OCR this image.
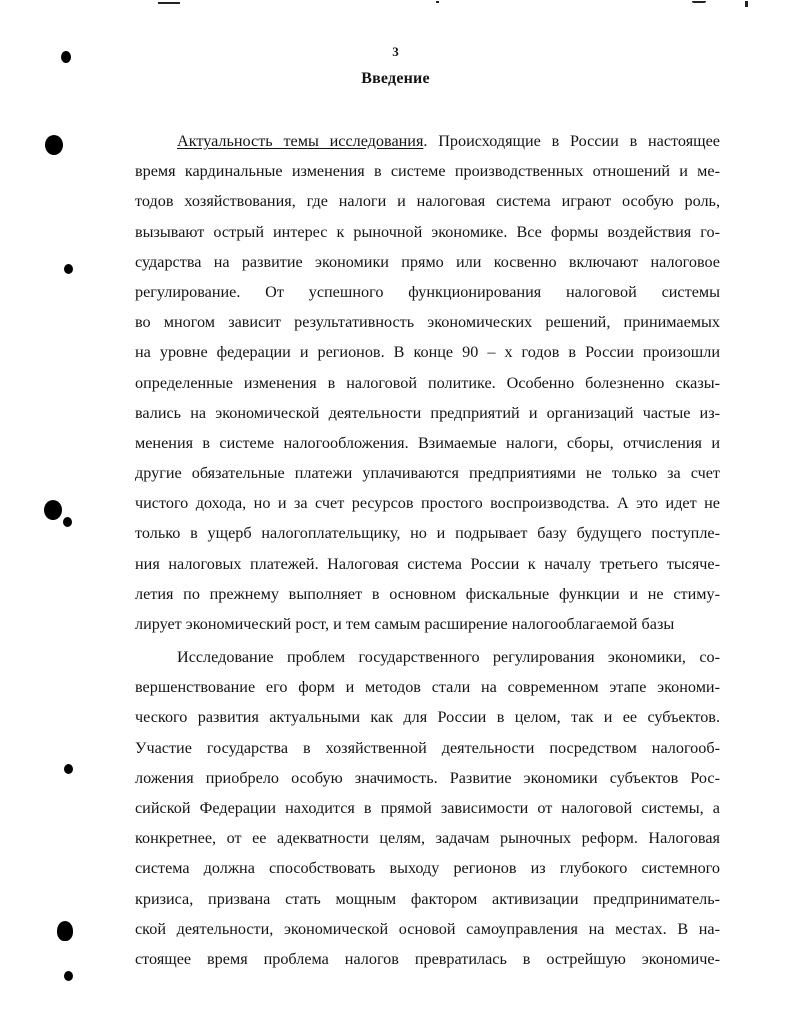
3
Введение
Актуальность темы исследования. Происходящие в России в настоящее
время кардинальные изменения в системе производственных отношений и ме-
тодов хозяйствования, где налоги и налоговая система играют особую роль,
вызывают острый интерес к рыночной экономике. Все формы воздействия го-
сударства на развитие экономики прямо или косвенно включают налоговое
регулирование. От успешного функционирования налоговой системы
во многом зависит результативность экономических решений, принимаемых
на уровне федерации и регионов. В конце 90 – х годов в России произошли
определенные изменения в налоговой политике. Особенно болезненно сказы-
вались на экономической деятельности предприятий и организаций частые из-
менения в системе налогообложения. Взимаемые налоги, сборы, отчисления и
другие обязательные платежи уплачиваются предприятиями не только за счет
чистого дохода, но и за счет ресурсов простого воспроизводства. А это идет не
только в ущерб налогоплательщику, но и подрывает базу будущего поступле-
ния налоговых платежей. Налоговая система России к началу третьего тысяче-
летия по прежнему выполняет в основном фискальные функции и не стиму-
лирует экономический рост, и тем самым расширение налогооблагаемой базы
Исследование проблем государственного регулирования экономики, со-
вершенствование его форм и методов стали на современном этапе экономи-
ческого развития актуальными как для России в целом, так и ее субъектов.
Участие государства в хозяйственной деятельности посредством налогооб-
ложения приобрело особую значимость. Развитие экономики субъектов Рос-
сийской Федерации находится в прямой зависимости от налоговой системы, а
конкретнее, от ее адекватности целям, задачам рыночных реформ. Налоговая
система должна способствовать выходу регионов из глубокого системного
кризиса, призвана стать мощным фактором активизации предприниматель-
ской деятельности, экономической основой самоуправления на местах. В на-
стоящее время проблема налогов превратилась в острейшую экономиче-
